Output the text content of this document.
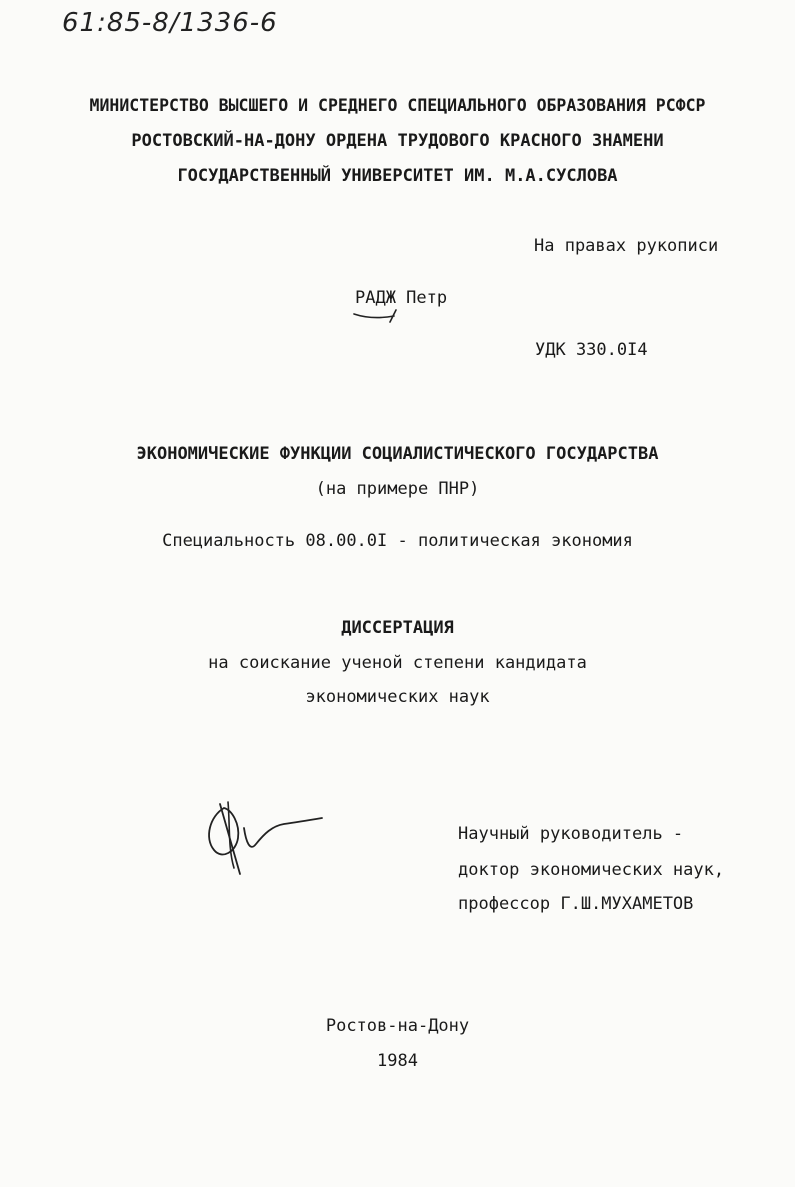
61:85-8/1336-6
МИНИСТЕРСТВО ВЫСШЕГО И СРЕДНЕГО СПЕЦИАЛЬНОГО ОБРАЗОВАНИЯ РСФСР
РОСТОВСКИЙ-НА-ДОНУ ОРДЕНА ТРУДОВОГО КРАСНОГО ЗНАМЕНИ
ГОСУДАРСТВЕННЫЙ УНИВЕРСИТЕТ ИМ. М.А.СУСЛОВА
На правах рукописи
РАДЖ Петр
УДК 330.0I4
ЭКОНОМИЧЕСКИЕ ФУНКЦИИ СОЦИАЛИСТИЧЕСКОГО ГОСУДАРСТВА
(на примере ПНР)
Специальность 08.00.0I - политическая экономия
ДИССЕРТАЦИЯ
на соискание ученой степени кандидата
экономических наук
Научный руководитель -
доктор экономических наук,
профессор Г.Ш.МУХАМЕТОВ
Ростов-на-Дону
1984
